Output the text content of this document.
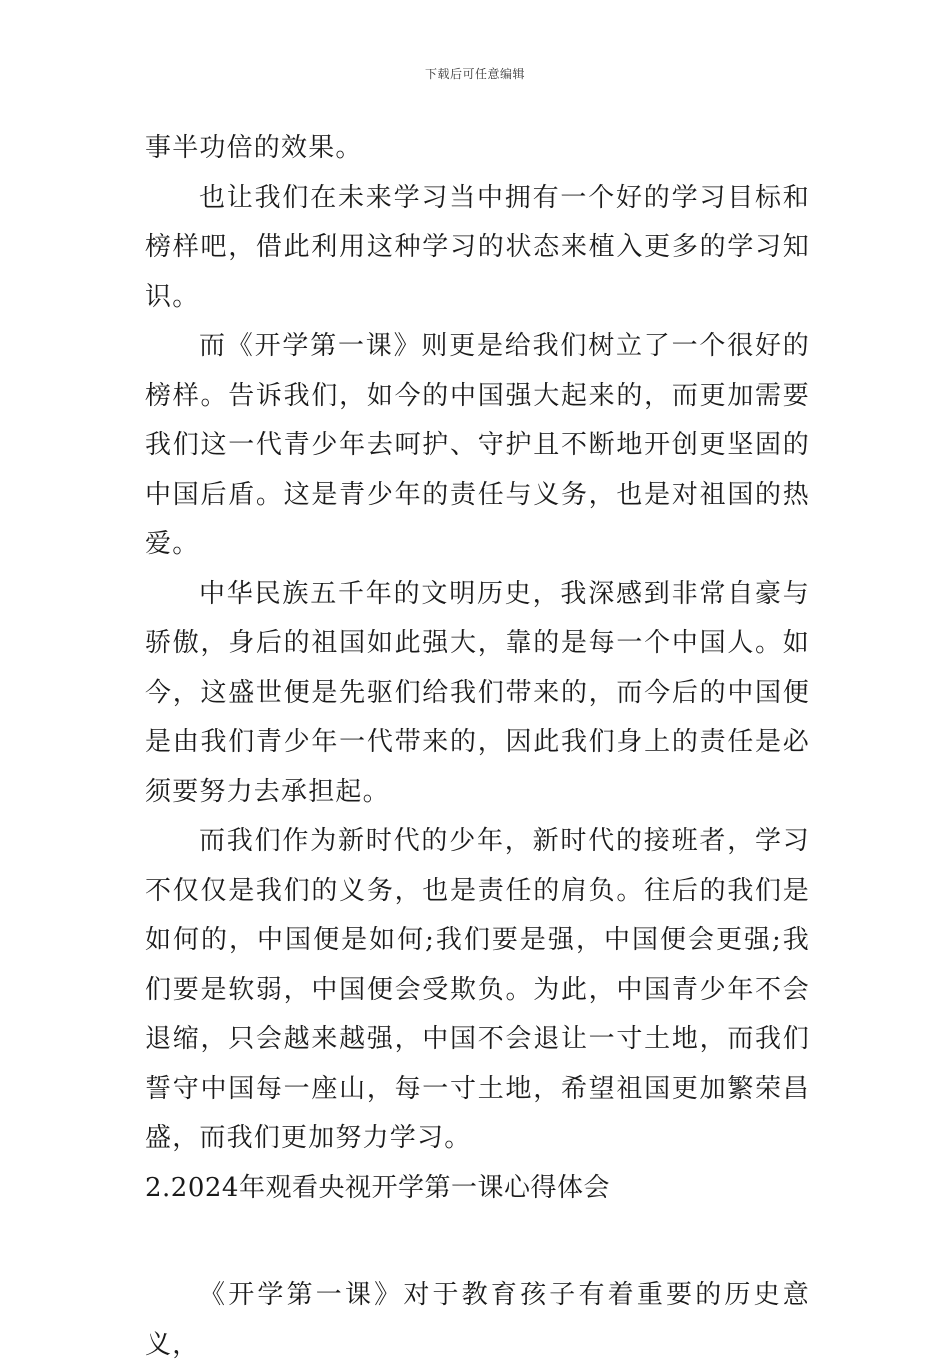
下载后可任意编辑

事半功倍的效果。

也让我们在未来学习当中拥有一个好的学习目标和榜样吧，借此利用这种学习的状态来植入更多的学习知识。

而《开学第一课》则更是给我们树立了一个很好的榜样。告诉我们，如今的中国强大起来的，而更加需要我们这一代青少年去呵护、守护且不断地开创更坚固的中国后盾。这是青少年的责任与义务，也是对祖国的热爱。

中华民族五千年的文明历史，我深感到非常自豪与骄傲，身后的祖国如此强大，靠的是每一个中国人。如今，这盛世便是先驱们给我们带来的，而今后的中国便是由我们青少年一代带来的，因此我们身上的责任是必须要努力去承担起。

而我们作为新时代的少年，新时代的接班者，学习不仅仅是我们的义务，也是责任的肩负。往后的我们是如何的，中国便是如何;我们要是强，中国便会更强;我们要是软弱，中国便会受欺负。为此，中国青少年不会退缩，只会越来越强，中国不会退让一寸土地，而我们誓守中国每一座山，每一寸土地，希望祖国更加繁荣昌盛，而我们更加努力学习。

2.2024年观看央视开学第一课心得体会

《开学第一课》对于教育孩子有着重要的历史意义，
